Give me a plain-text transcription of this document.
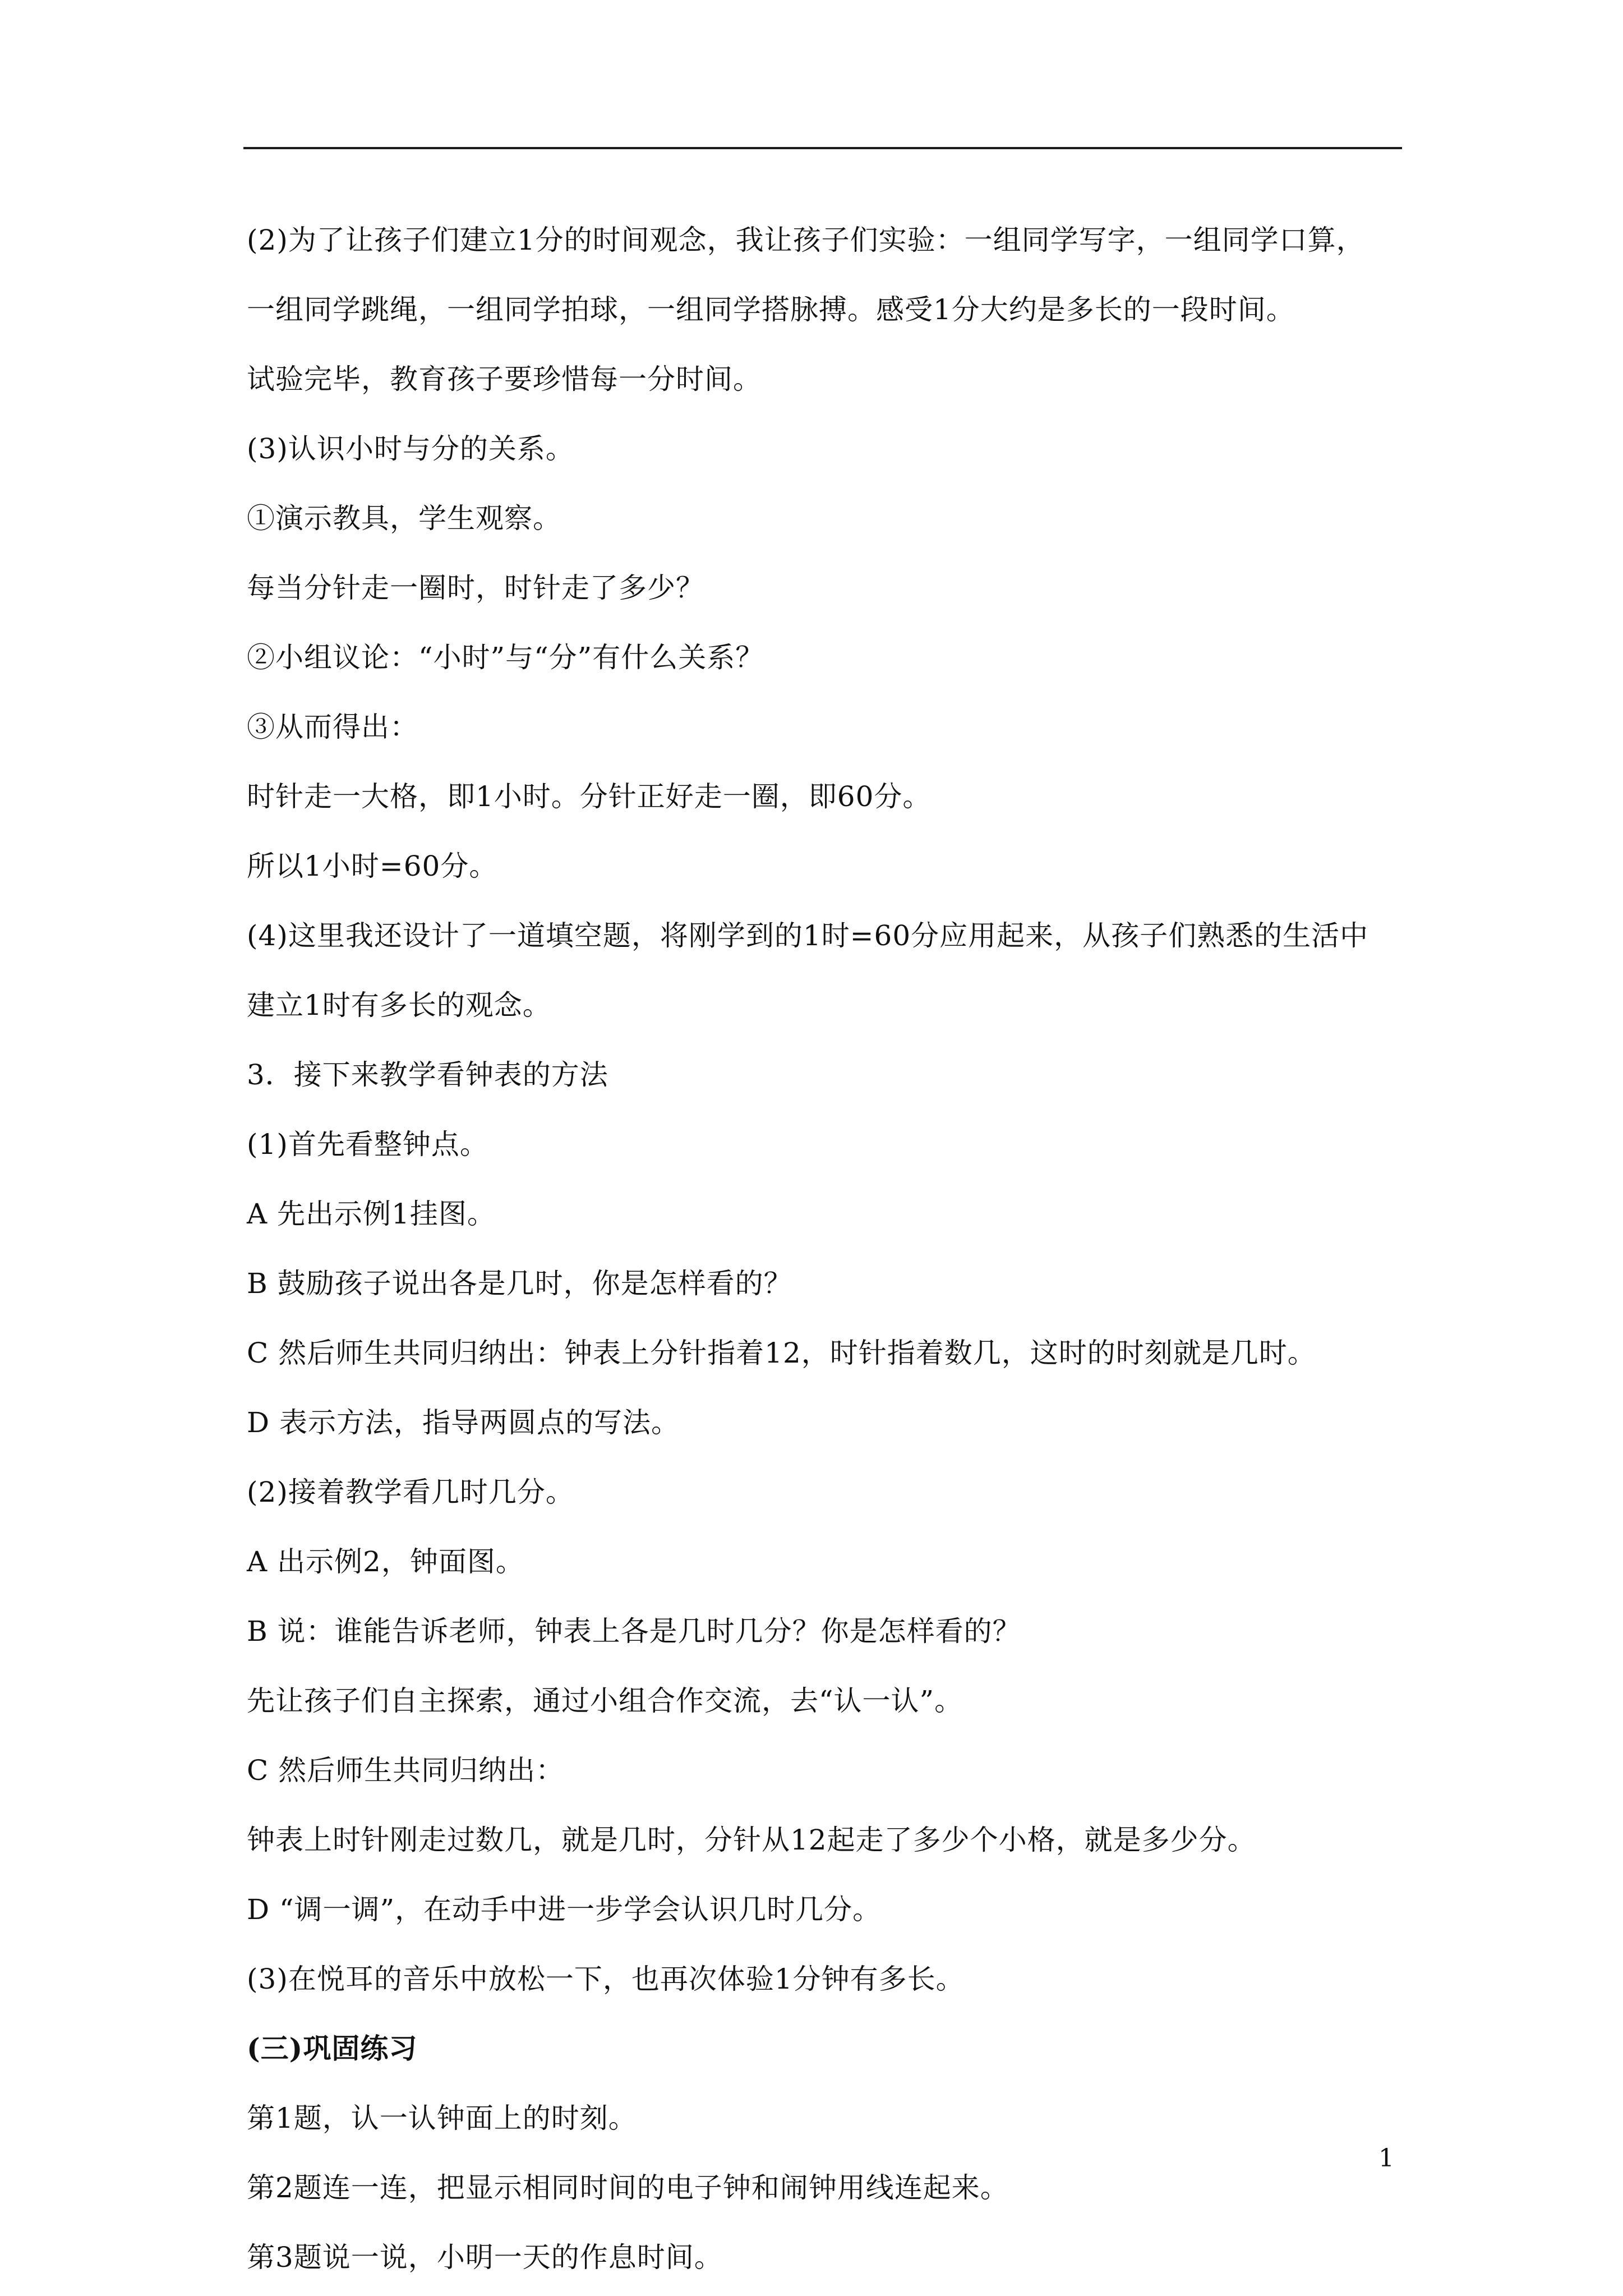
(2)为了让孩子们建立1分的时间观念，我让孩子们实验：一组同学写字，一组同学口算，
一组同学跳绳，一组同学拍球，一组同学搭脉搏。感受1分大约是多长的一段时间。
试验完毕，教育孩子要珍惜每一分时间。
(3)认识小时与分的关系。
①演示教具，学生观察。
每当分针走一圈时，时针走了多少？
②小组议论：“小时”与“分”有什么关系？
③从而得出：
时针走一大格，即1小时。分针正好走一圈，即60分。
所以1小时=60分。
(4)这里我还设计了一道填空题，将刚学到的1时=60分应用起来，从孩子们熟悉的生活中
建立1时有多长的观念。
3．接下来教学看钟表的方法
(1)首先看整钟点。
A 先出示例1挂图。
B 鼓励孩子说出各是几时，你是怎样看的？
C 然后师生共同归纳出：钟表上分针指着12，时针指着数几，这时的时刻就是几时。
D 表示方法，指导两圆点的写法。
(2)接着教学看几时几分。
A 出示例2，钟面图。
B 说：谁能告诉老师，钟表上各是几时几分？你是怎样看的？
先让孩子们自主探索，通过小组合作交流，去“认一认”。
C 然后师生共同归纳出：
钟表上时针刚走过数几，就是几时，分针从12起走了多少个小格，就是多少分。
D “调一调”，在动手中进一步学会认识几时几分。
(3)在悦耳的音乐中放松一下，也再次体验1分钟有多长。
(三)巩固练习
第1题，认一认钟面上的时刻。
第2题连一连，把显示相同时间的电子钟和闹钟用线连起来。
第3题说一说，小明一天的作息时间。
1
